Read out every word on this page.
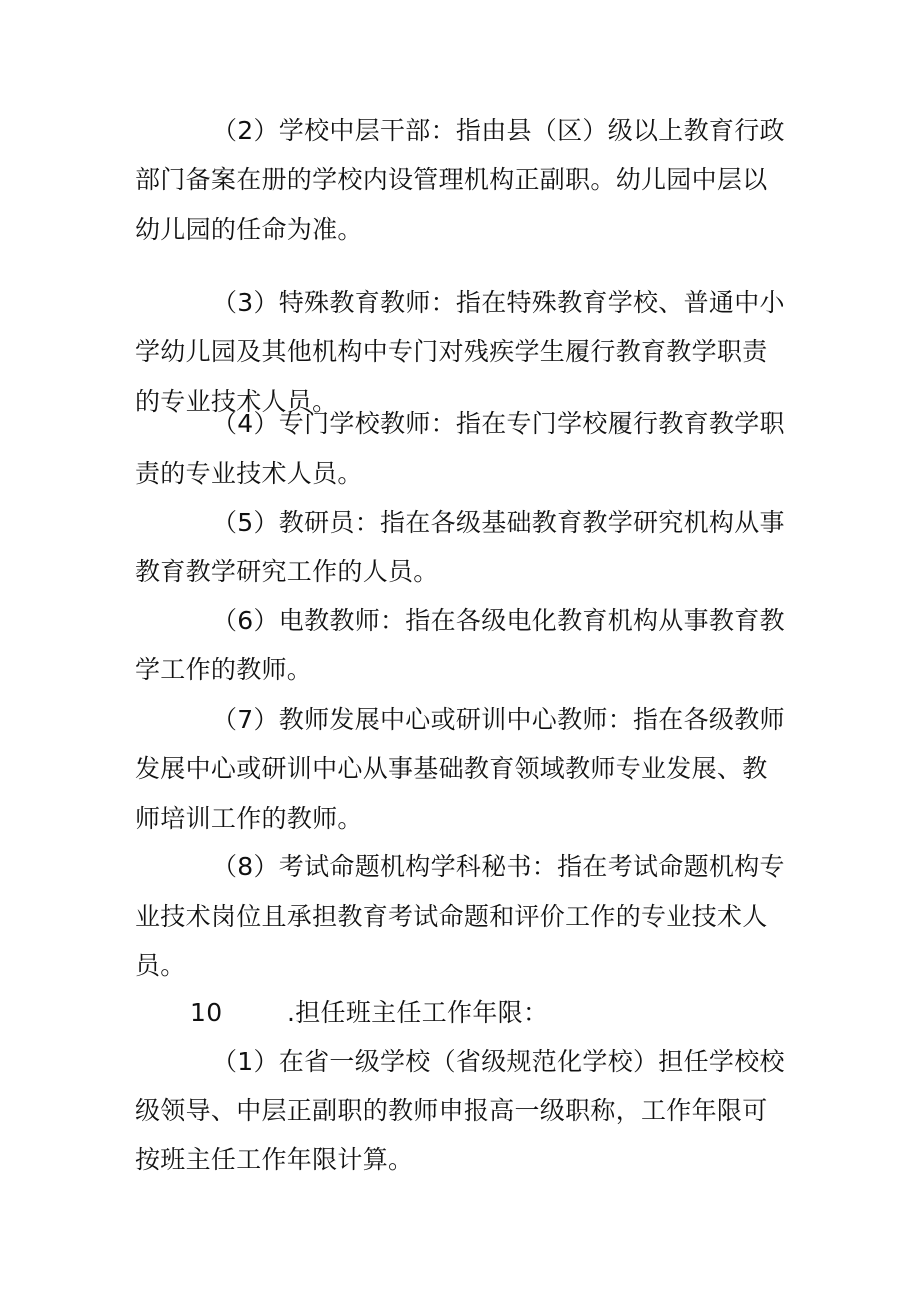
（2）学校中层干部：指由县（区）级以上教育行政
部门备案在册的学校内设管理机构正副职。幼儿园中层以
幼儿园的任命为准。
（3）特殊教育教师：指在特殊教育学校、普通中小
学幼儿园及其他机构中专门对残疾学生履行教育教学职责
的专业技术人员。
（4）专门学校教师：指在专门学校履行教育教学职
责的专业技术人员。
（5）教研员：指在各级基础教育教学研究机构从事
教育教学研究工作的人员。
（6）电教教师：指在各级电化教育机构从事教育教
学工作的教师。
（7）教师发展中心或研训中心教师：指在各级教师
发展中心或研训中心从事基础教育领域教师专业发展、教
师培训工作的教师。
（8）考试命题机构学科秘书：指在考试命题机构专
业技术岗位且承担教育考试命题和评价工作的专业技术人
员。
10	.担任班主任工作年限：
（1）在省一级学校（省级规范化学校）担任学校校
级领导、中层正副职的教师申报高一级职称，工作年限可
按班主任工作年限计算。
